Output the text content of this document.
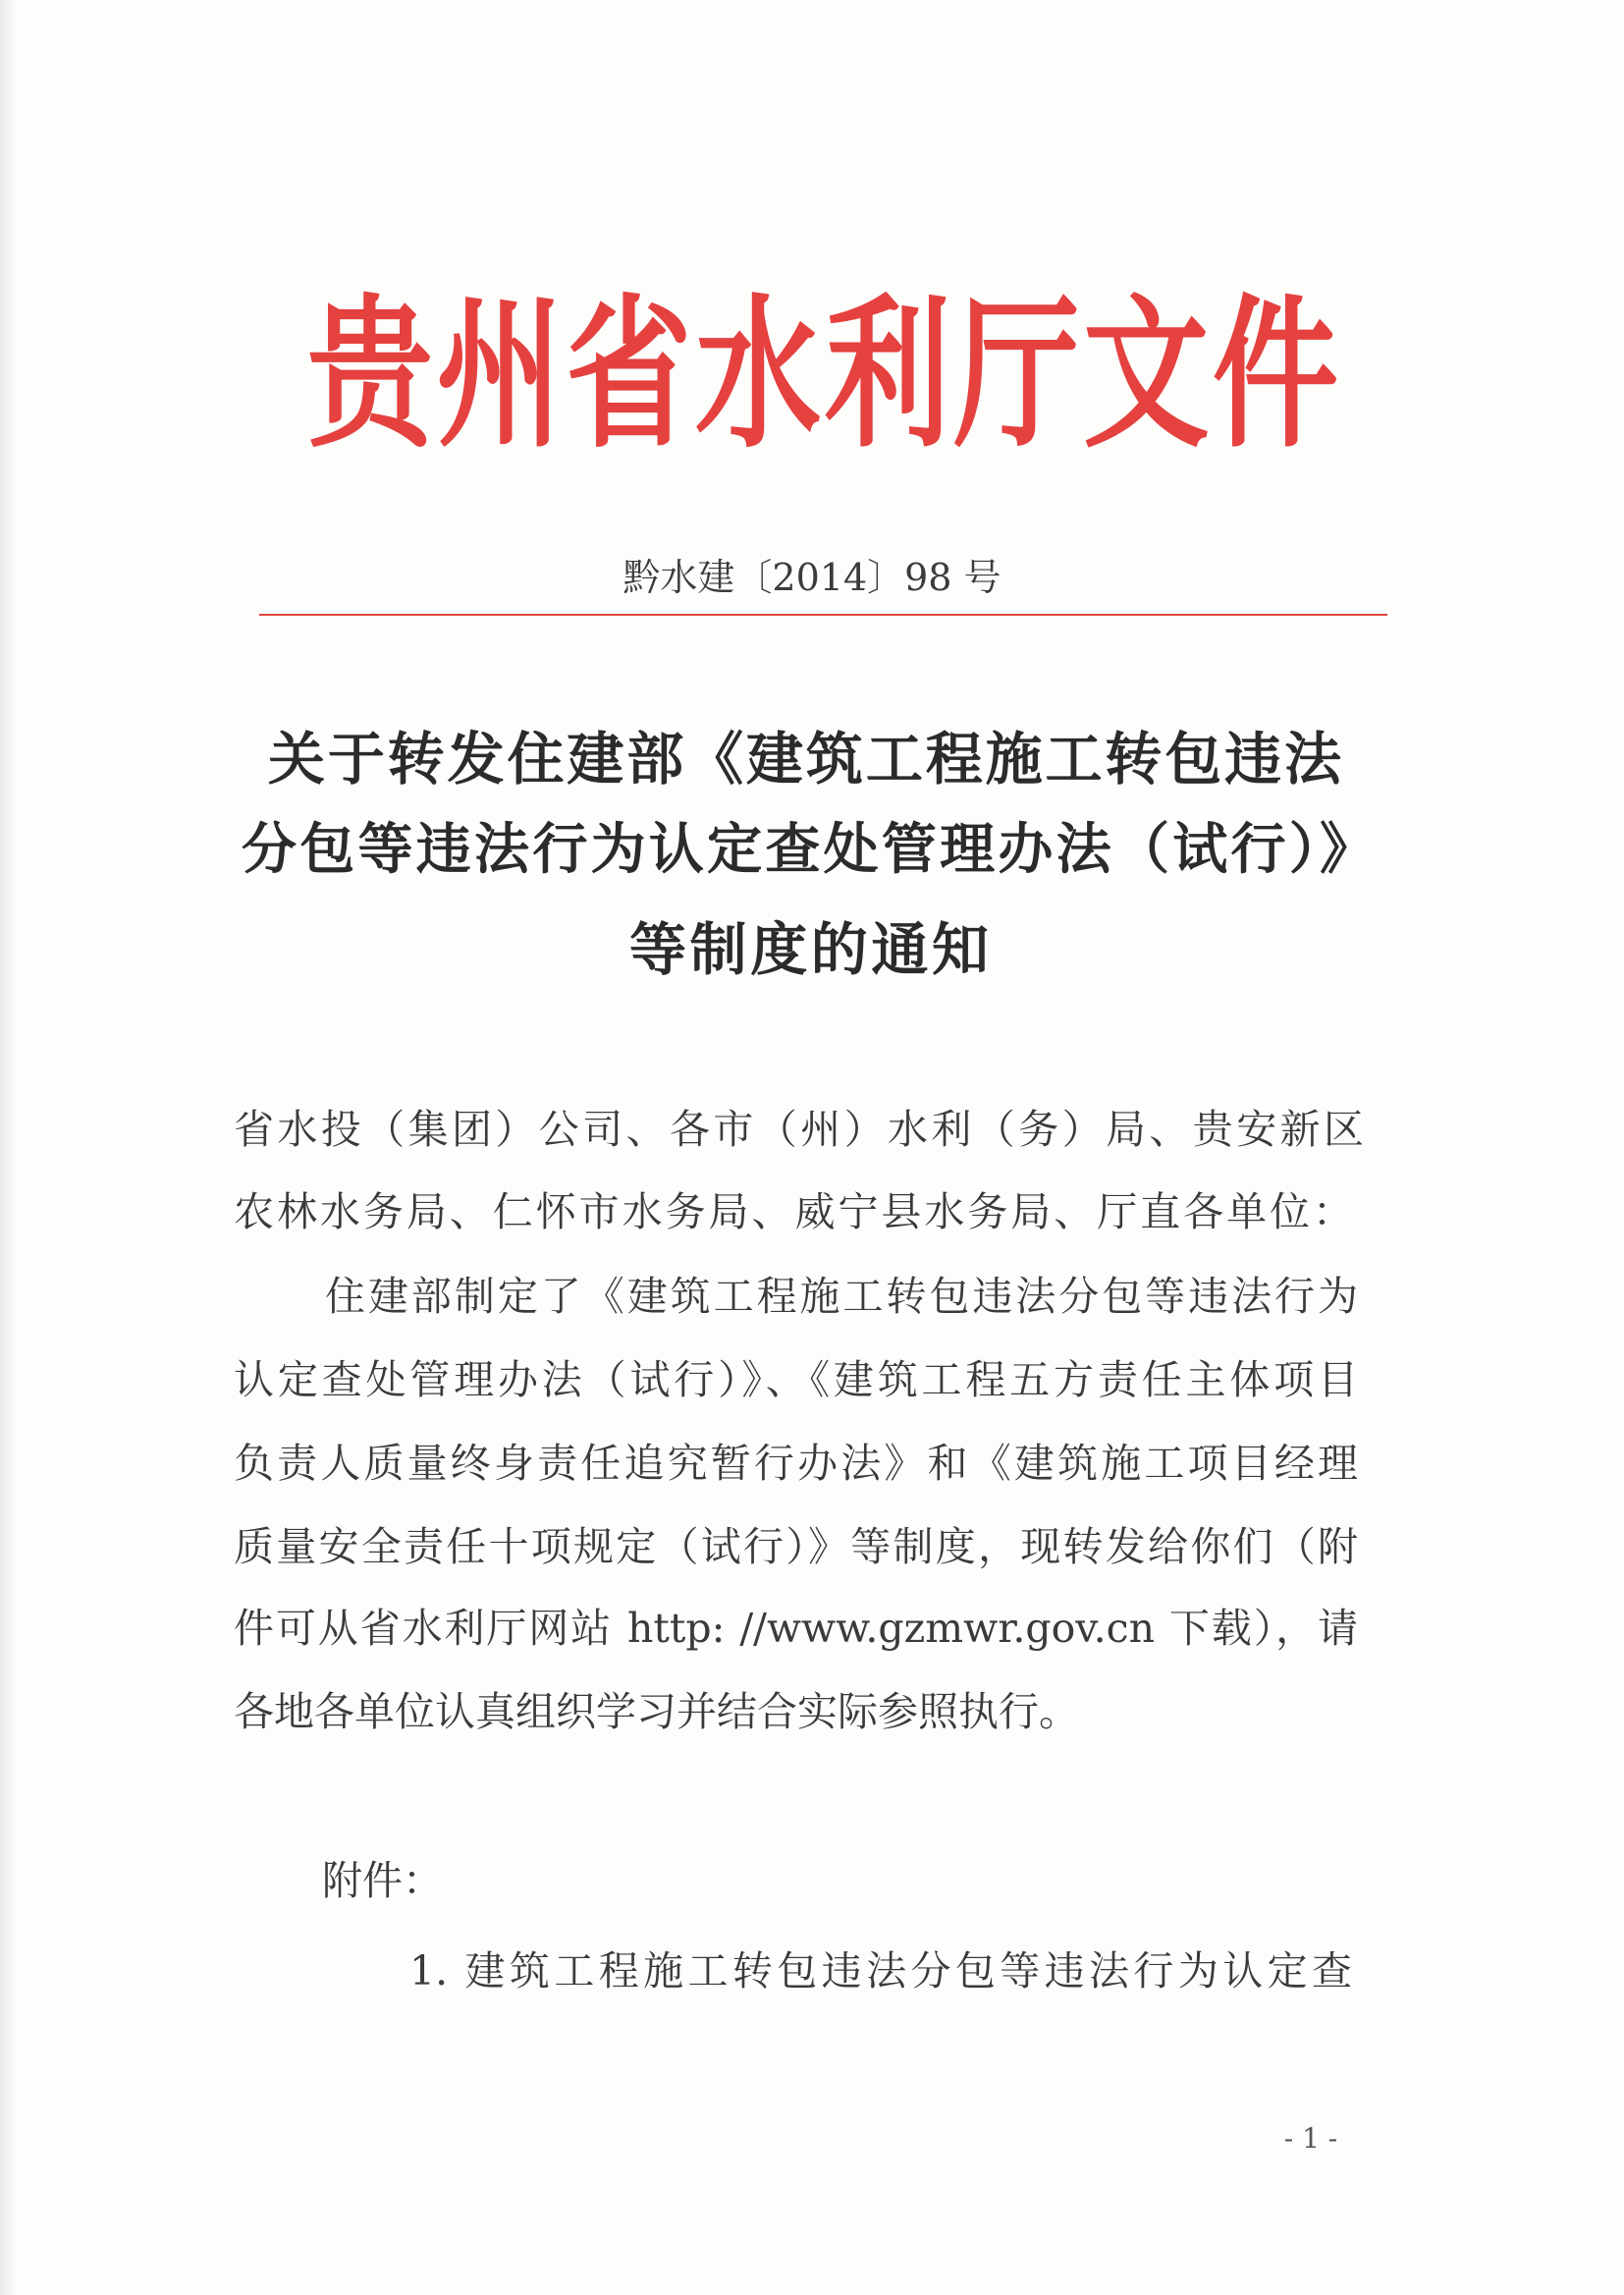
贵州省水利厅文件
黔水建〔2014〕98 号
关于转发住建部《建筑工程施工转包违法
分包等违法行为认定查处管理办法（试行）》
等制度的通知
省水投（集团）公司、各市（州）水利（务）局、贵安新区
农林水务局、仁怀市水务局、威宁县水务局、厅直各单位：
住建部制定了《建筑工程施工转包违法分包等违法行为
认定查处管理办法（试行）》、《建筑工程五方责任主体项目
负责人质量终身责任追究暂行办法》和《建筑施工项目经理
质量安全责任十项规定（试行）》等制度，现转发给你们（附
件可从省水利厅网站 http: //www.gzmwr.gov.cn 下载），请
各地各单位认真组织学习并结合实际参照执行。
附件：
1. 建筑工程施工转包违法分包等违法行为认定查
- 1 -
